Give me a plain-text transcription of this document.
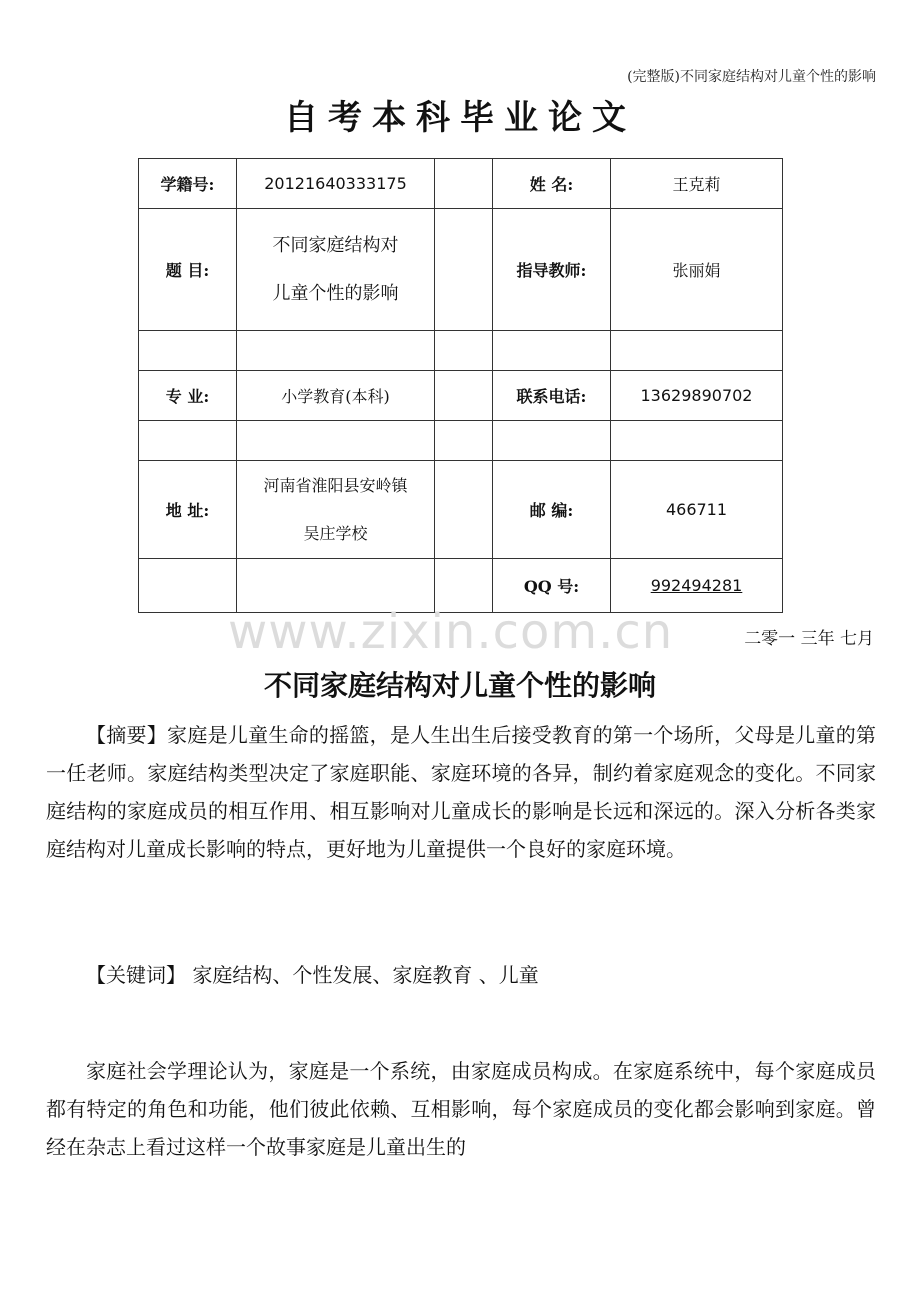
(完整版)不同家庭结构对儿童个性的影响
自考本科毕业论文
学籍号:	20121640333175		姓 名:	王克莉
题 目:	不同家庭结构对
儿童个性的影响		指导教师:	张丽娟

专 业:	小学教育(本科)		联系电话:	13629890702

地 址:	河南省淮阳县安岭镇
吴庄学校		邮 编:	466711
			QQ 号:	992494281
www.zixin.com.cn	二零一 三年 七月
不同家庭结构对儿童个性的影响
【摘要】家庭是儿童生命的摇篮，是人生出生后接受教育的第一个场所，父母是儿童的第一任老师。家庭结构类型决定了家庭职能、家庭环境的各异，制约着家庭观念的变化。不同家庭结构的家庭成员的相互作用、相互影响对儿童成长的影响是长远和深远的。深入分析各类家庭结构对儿童成长影响的特点，更好地为儿童提供一个良好的家庭环境。
【关键词】 家庭结构、个性发展、家庭教育 、儿童
家庭社会学理论认为，家庭是一个系统，由家庭成员构成。在家庭系统中，每个家庭成员都有特定的角色和功能，他们彼此依赖、互相影响，每个家庭成员的变化都会影响到家庭。曾经在杂志上看过这样一个故事家庭是儿童出生的
